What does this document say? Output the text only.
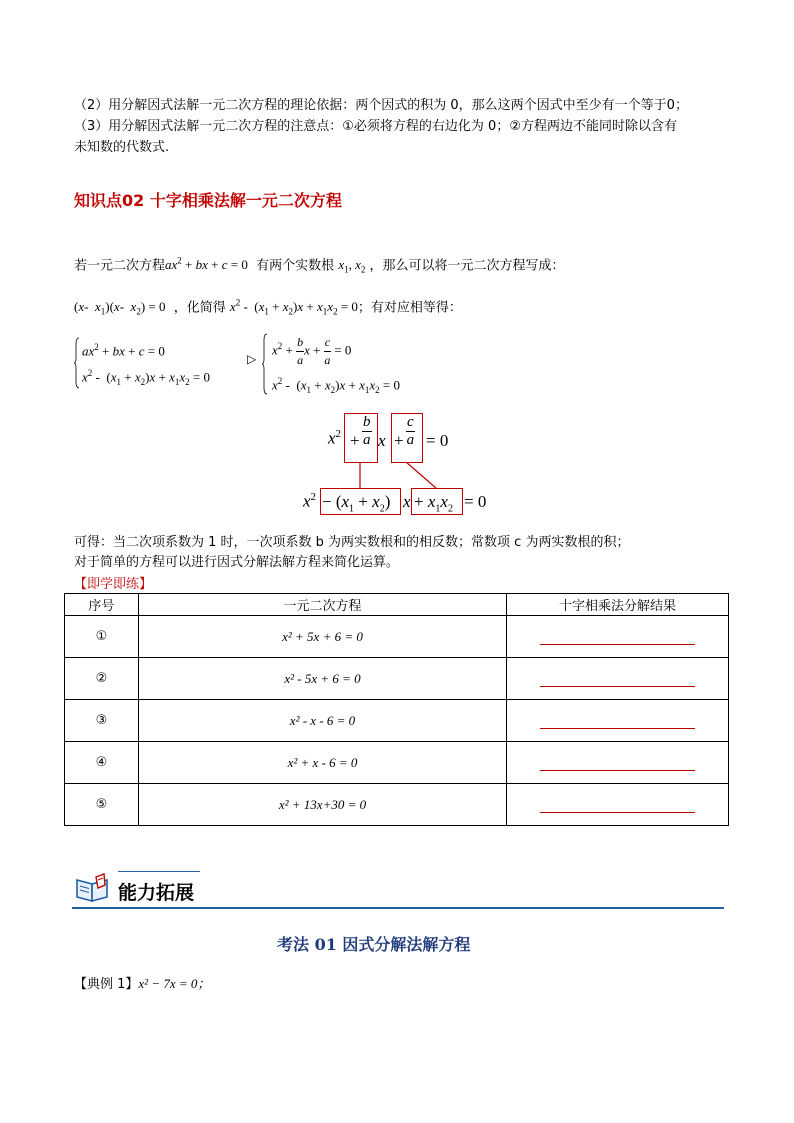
（2）用分解因式法解一元二次方程的理论依据：两个因式的积为 0，那么这两个因式中至少有一个等于0；
（3）用分解因式法解一元二次方程的注意点：①必须将方程的右边化为 0；②方程两边不能同时除以含有
未知数的代数式.
知识点02 十字相乘法解一元二次方程
若一元二次方程$ax^2$ + bx + c = 0 有两个实数根 $x_1$, $x_2$ ，那么可以将一元二次方程写成：
(x-  $x_1)(x-$  $x_2) = 0$ ，化简得 $x^2 - (x_1 + x_2)x + x_1x_2 = 0$；有对应相等得：
$ax^2$ + bx + c = 0
$x^2 - (x_1 + x_2)x + x_1x_2 = 0$
▷
$x^2 + \frac{b}{a}$ $x + \frac{c}{a} = 0$
$x^2 - (x_1 + x_2)x + x_1x_2 = 0$
$x^2 + \frac{b}{a}$ $x + \frac{c}{a} = 0$
$x^2 - (x_1 + x_2) x + x_1x_2 = 0$
可得：当二次项系数为 1 时，一次项系数 b 为两实数根和的相反数；常数项 c 为两实数根的积；
对于简单的方程可以进行因式分解法解方程来简化运算。
【即学即练】
序号	一元二次方程	十字相乘法分解结果
①	x² + 5x + 6 = 0	
②	x² - 5x + 6 = 0	
③	x² - x - 6 = 0	
④	x² + x - 6 = 0	
⑤	x² + 13x+30 = 0	
能力拓展
考法 01 因式分解法解方程
【典例 1】x² − 7x = 0；
